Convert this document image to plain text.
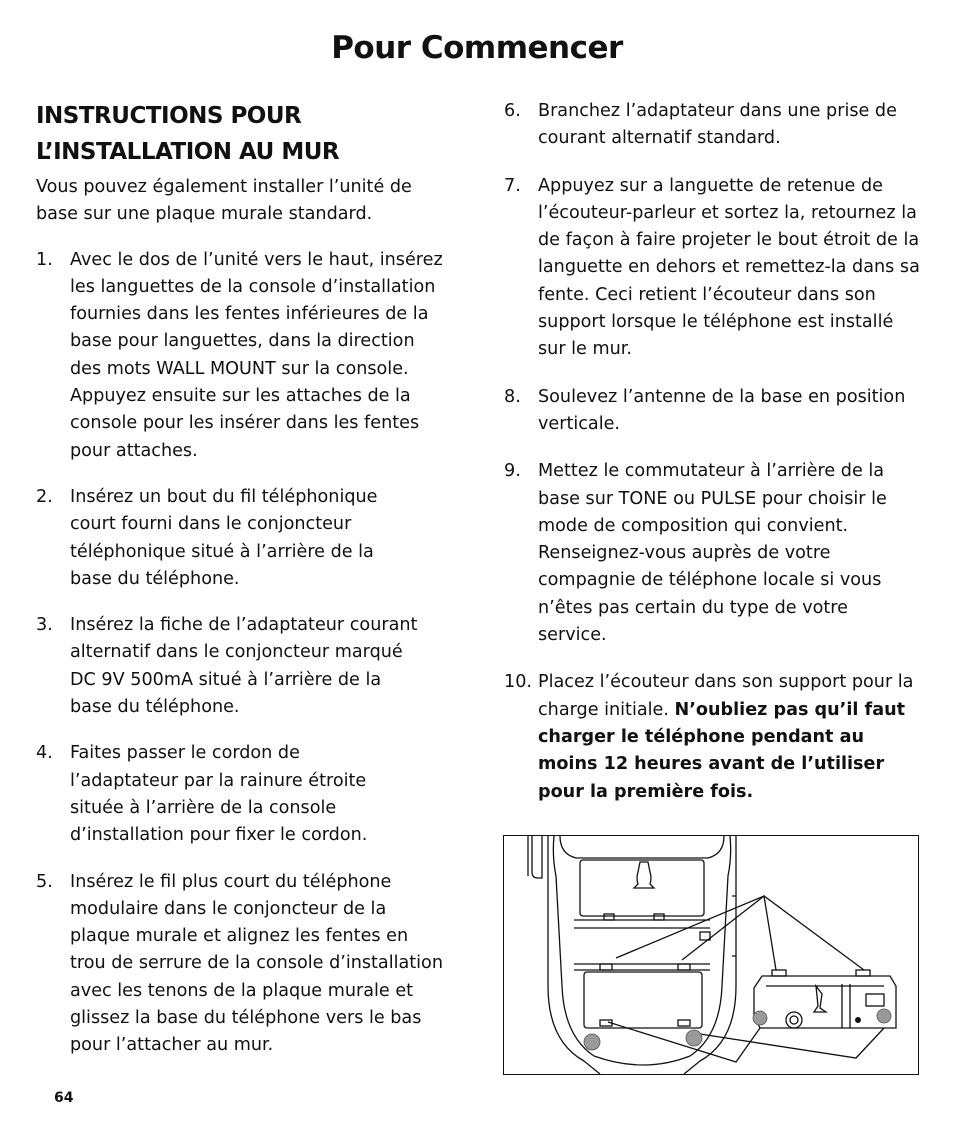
Pour Commencer
INSTRUCTIONS POUR
L’INSTALLATION AU MUR

Vous pouvez également installer l’unité de base sur une plaque murale standard.

1. Avec le dos de l’unité vers le haut, insérez les languettes de la console d’installation fournies dans les fentes inférieures de la base pour languettes, dans la direction des mots WALL MOUNT sur la console. Appuyez ensuite sur les attaches de la console pour les insérer dans les fentes pour attaches.
2. Insérez un bout du fil téléphonique court fourni dans le conjoncteur téléphonique situé à l’arrière de la base du téléphone.
3. Insérez la fiche de l’adaptateur courant alternatif dans le conjoncteur marqué DC 9V 500mA situé à l’arrière de la base du téléphone.
4. Faites passer le cordon de l’adaptateur par la rainure étroite située à l’arrière de la console d’installation pour fixer le cordon.
5. Insérez le fil plus court du téléphone modulaire dans le conjoncteur de la plaque murale et alignez les fentes en trou de serrure de la console d’installation avec les tenons de la plaque murale et glissez la base du téléphone vers le bas pour l’attacher au mur.
6. Branchez l’adaptateur dans une prise de courant alternatif standard.
7. Appuyez sur a languette de retenue de l’écouteur-parleur et sortez la, retournez la de façon à faire projeter le bout étroit de la languette en dehors et remettez-la dans sa fente. Ceci retient l’écouteur dans son support lorsque le téléphone est installé sur le mur.
8. Soulevez l’antenne de la base en position verticale.
9. Mettez le commutateur à l’arrière de la base sur TONE ou PULSE pour choisir le mode de composition qui convient. Renseignez-vous auprès de votre compagnie de téléphone locale si vous n’êtes pas certain du type de votre service.
10. Placez l’écouteur dans son support pour la charge initiale. N’oubliez pas qu’il faut charger le téléphone pendant au moins 12 heures avant de l’utiliser pour la première fois.
64
